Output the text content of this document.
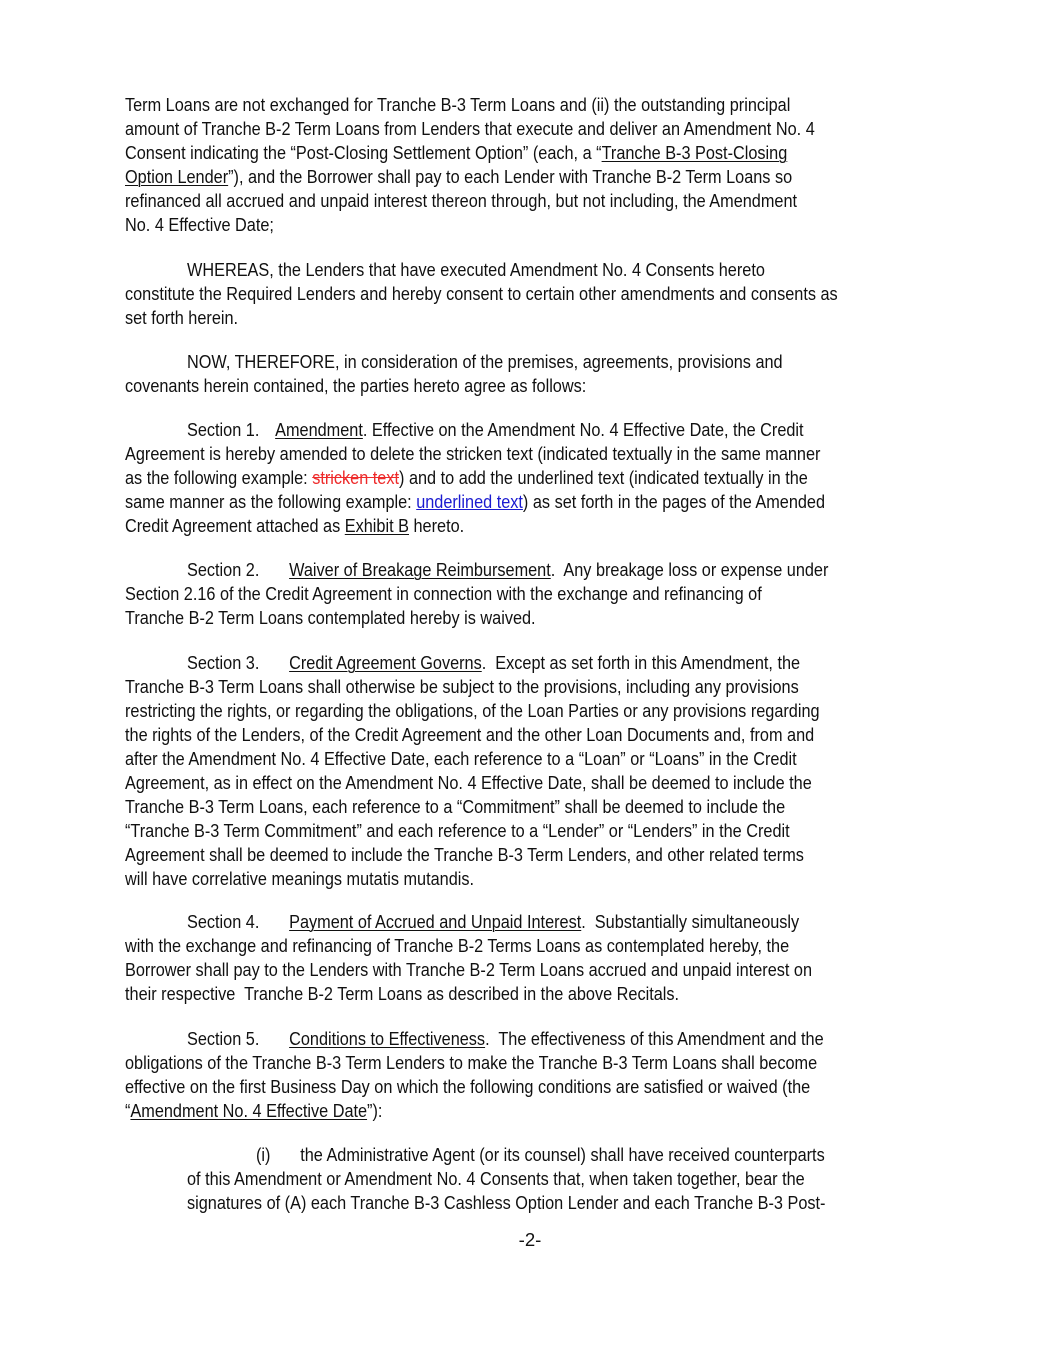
Term Loans are not exchanged for Tranche B-3 Term Loans and (ii) the outstanding principal
amount of Tranche B-2 Term Loans from Lenders that execute and deliver an Amendment No. 4
Consent indicating the “Post-Closing Settlement Option” (each, a “Tranche B-3 Post-Closing
Option Lender”), and the Borrower shall pay to each Lender with Tranche B-2 Term Loans so
refinanced all accrued and unpaid interest thereon through, but not including, the Amendment
No. 4 Effective Date;
WHEREAS, the Lenders that have executed Amendment No. 4 Consents hereto
constitute the Required Lenders and hereby consent to certain other amendments and consents as
set forth herein.
NOW, THEREFORE, in consideration of the premises, agreements, provisions and
covenants herein contained, the parties hereto agree as follows:
Section 1. Amendment. Effective on the Amendment No. 4 Effective Date, the Credit
Agreement is hereby amended to delete the stricken text (indicated textually in the same manner
as the following example: stricken text) and to add the underlined text (indicated textually in the
same manner as the following example: underlined text) as set forth in the pages of the Amended
Credit Agreement attached as Exhibit B hereto.
Section 2. Waiver of Breakage Reimbursement.  Any breakage loss or expense under
Section 2.16 of the Credit Agreement in connection with the exchange and refinancing of
Tranche B-2 Term Loans contemplated hereby is waived.
Section 3. Credit Agreement Governs.  Except as set forth in this Amendment, the
Tranche B-3 Term Loans shall otherwise be subject to the provisions, including any provisions
restricting the rights, or regarding the obligations, of the Loan Parties or any provisions regarding
the rights of the Lenders, of the Credit Agreement and the other Loan Documents and, from and
after the Amendment No. 4 Effective Date, each reference to a “Loan” or “Loans” in the Credit
Agreement, as in effect on the Amendment No. 4 Effective Date, shall be deemed to include the
Tranche B-3 Term Loans, each reference to a “Commitment” shall be deemed to include the
“Tranche B-3 Term Commitment” and each reference to a “Lender” or “Lenders” in the Credit
Agreement shall be deemed to include the Tranche B-3 Term Lenders, and other related terms
will have correlative meanings mutatis mutandis.
Section 4. Payment of Accrued and Unpaid Interest.  Substantially simultaneously
with the exchange and refinancing of Tranche B-2 Terms Loans as contemplated hereby, the
Borrower shall pay to the Lenders with Tranche B-2 Term Loans accrued and unpaid interest on
their respective  Tranche B-2 Term Loans as described in the above Recitals.
Section 5. Conditions to Effectiveness.  The effectiveness of this Amendment and the
obligations of the Tranche B-3 Term Lenders to make the Tranche B-3 Term Loans shall become
effective on the first Business Day on which the following conditions are satisfied or waived (the
“Amendment No. 4 Effective Date”):
(i) the Administrative Agent (or its counsel) shall have received counterparts
of this Amendment or Amendment No. 4 Consents that, when taken together, bear the
signatures of (A) each Tranche B-3 Cashless Option Lender and each Tranche B-3 Post-
-2-
